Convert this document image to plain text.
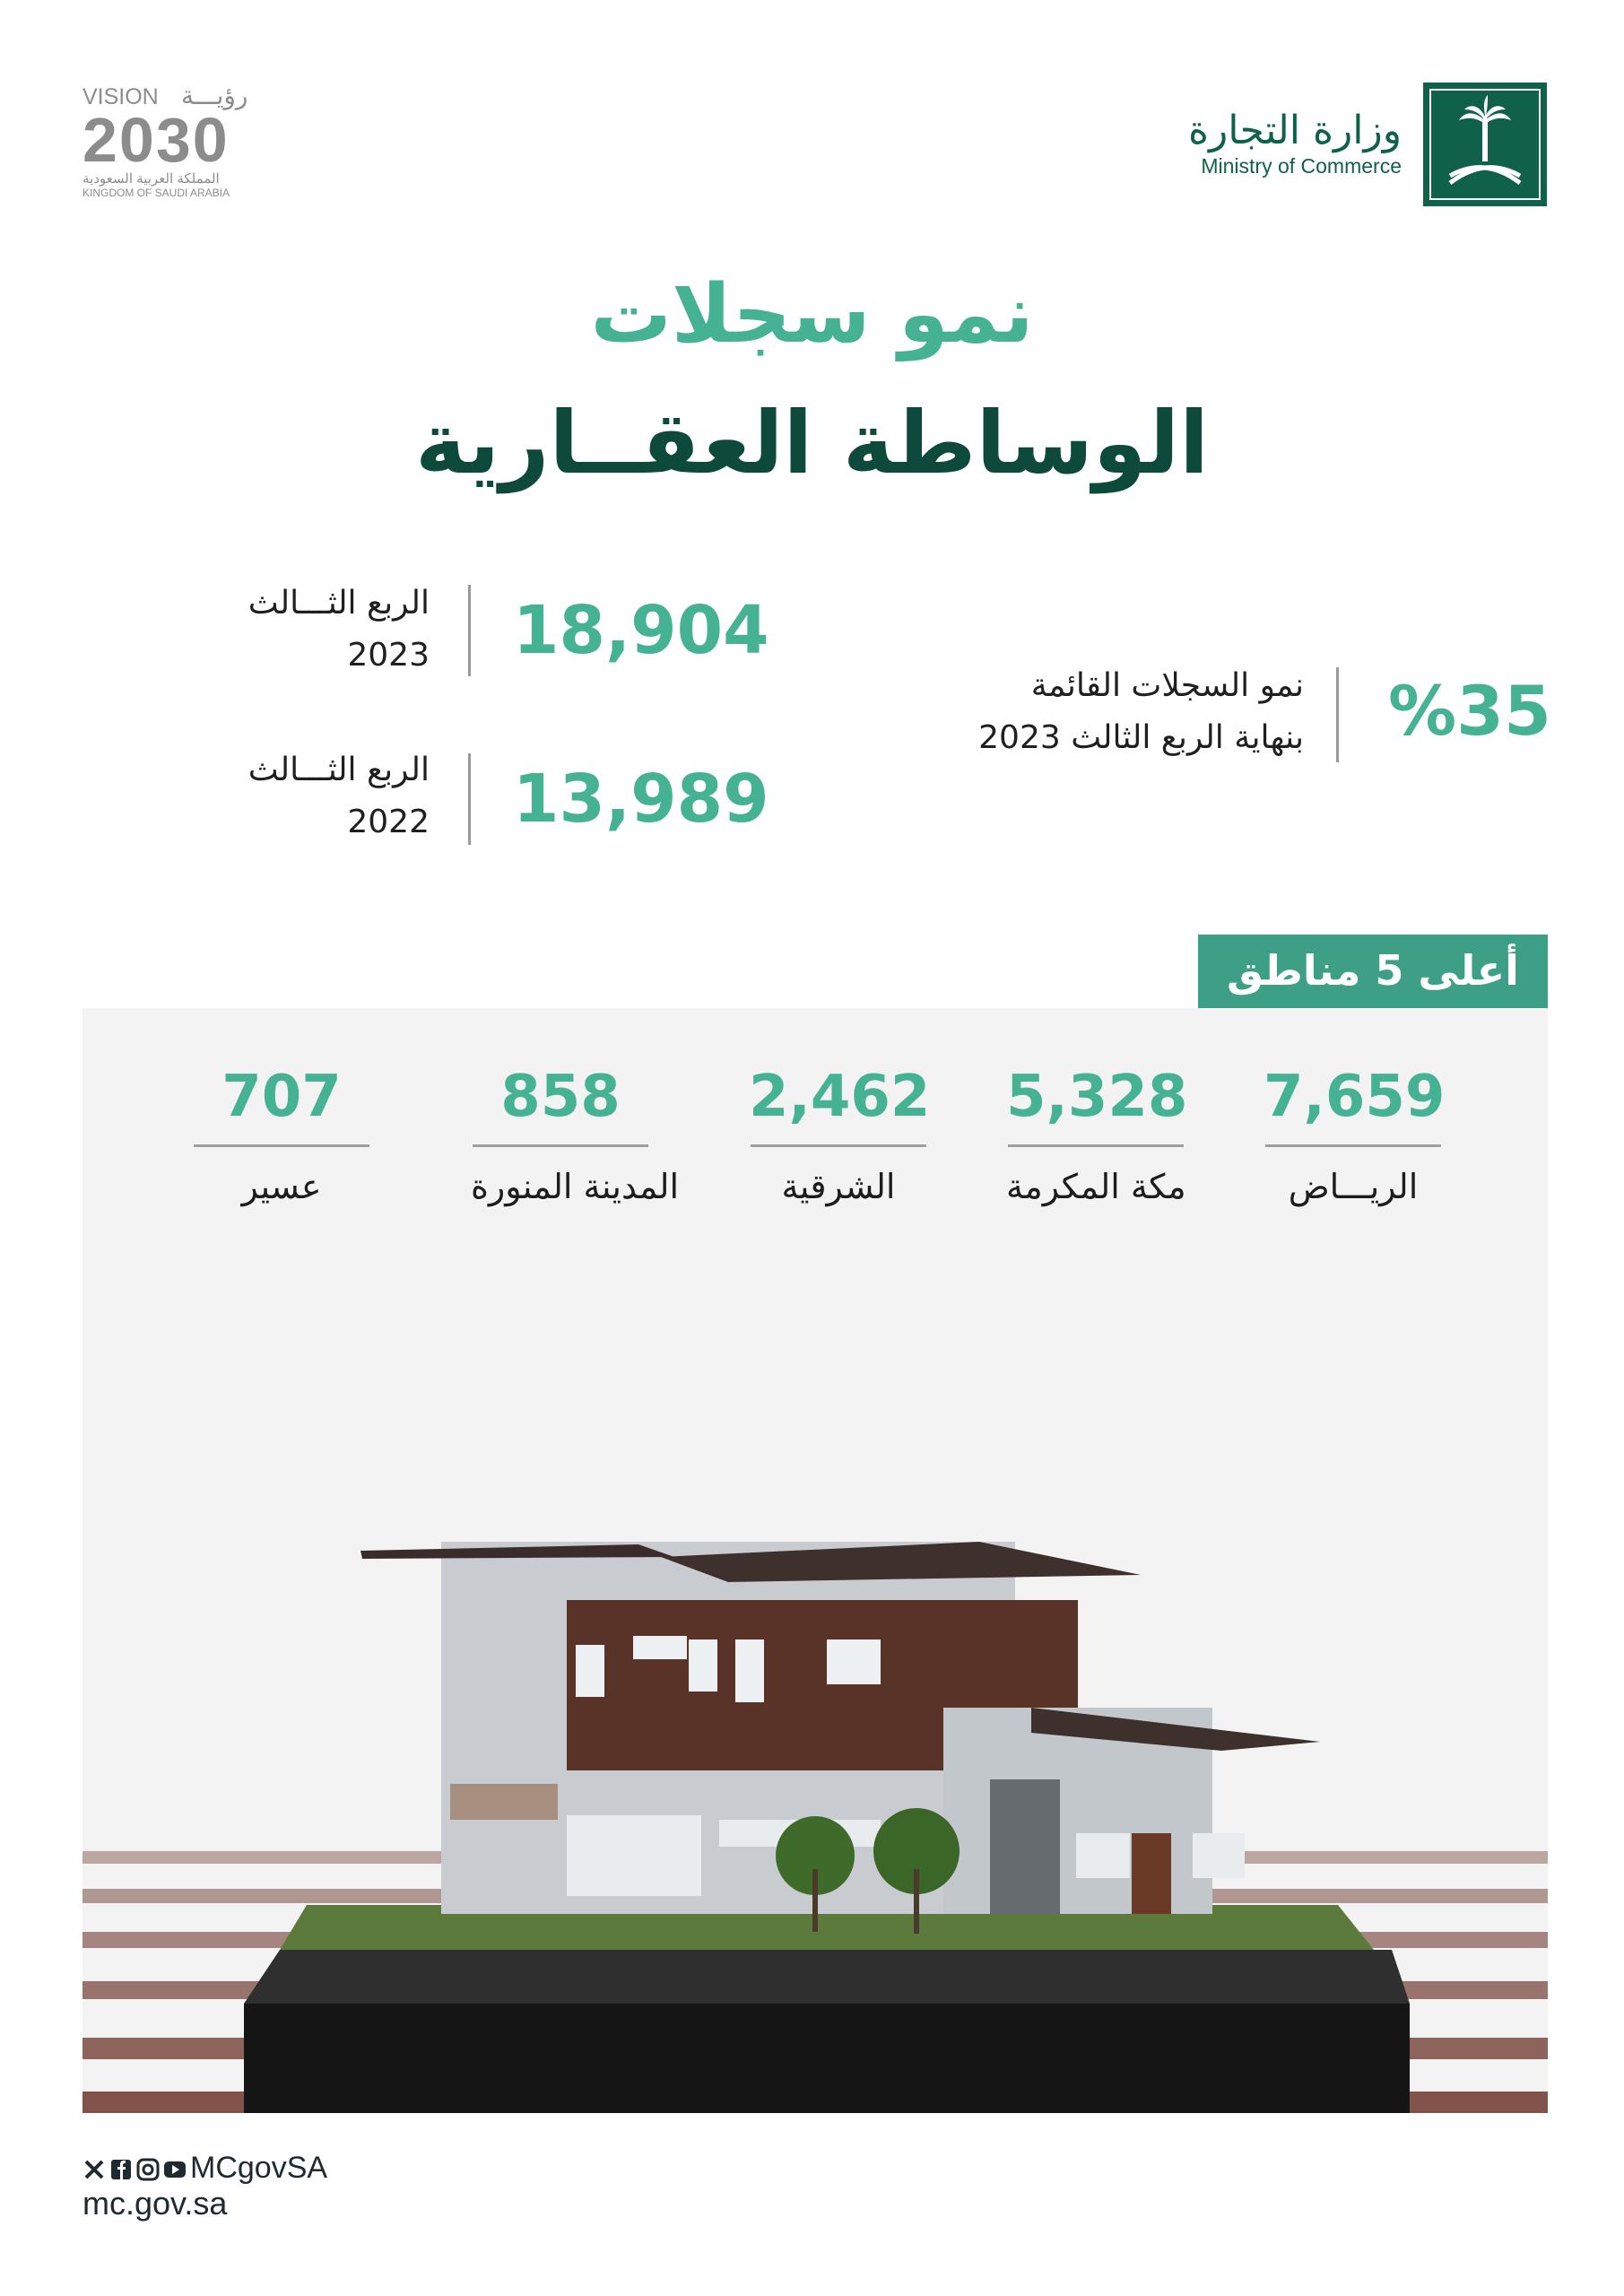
وزارة التجارة
Ministry of Commerce
VISION رؤيـــة
2030
المملكة العربية السعودية
KINGDOM OF SAUDI ARABIA
نمو سجلات
الوساطة العقــارية
الربع الثـــالث
2023 18,904
الربع الثـــالث
2022 13,989
نمو السجلات القائمة
بنهاية الربع الثالث 2023 %35
7,659
الريـــاض
5,328
مكة المكرمة
2,462
الشرقية
858
المدينة المنورة
707
عسير
أعلى 5 مناطق
MCgovSA
mc.gov.sa
